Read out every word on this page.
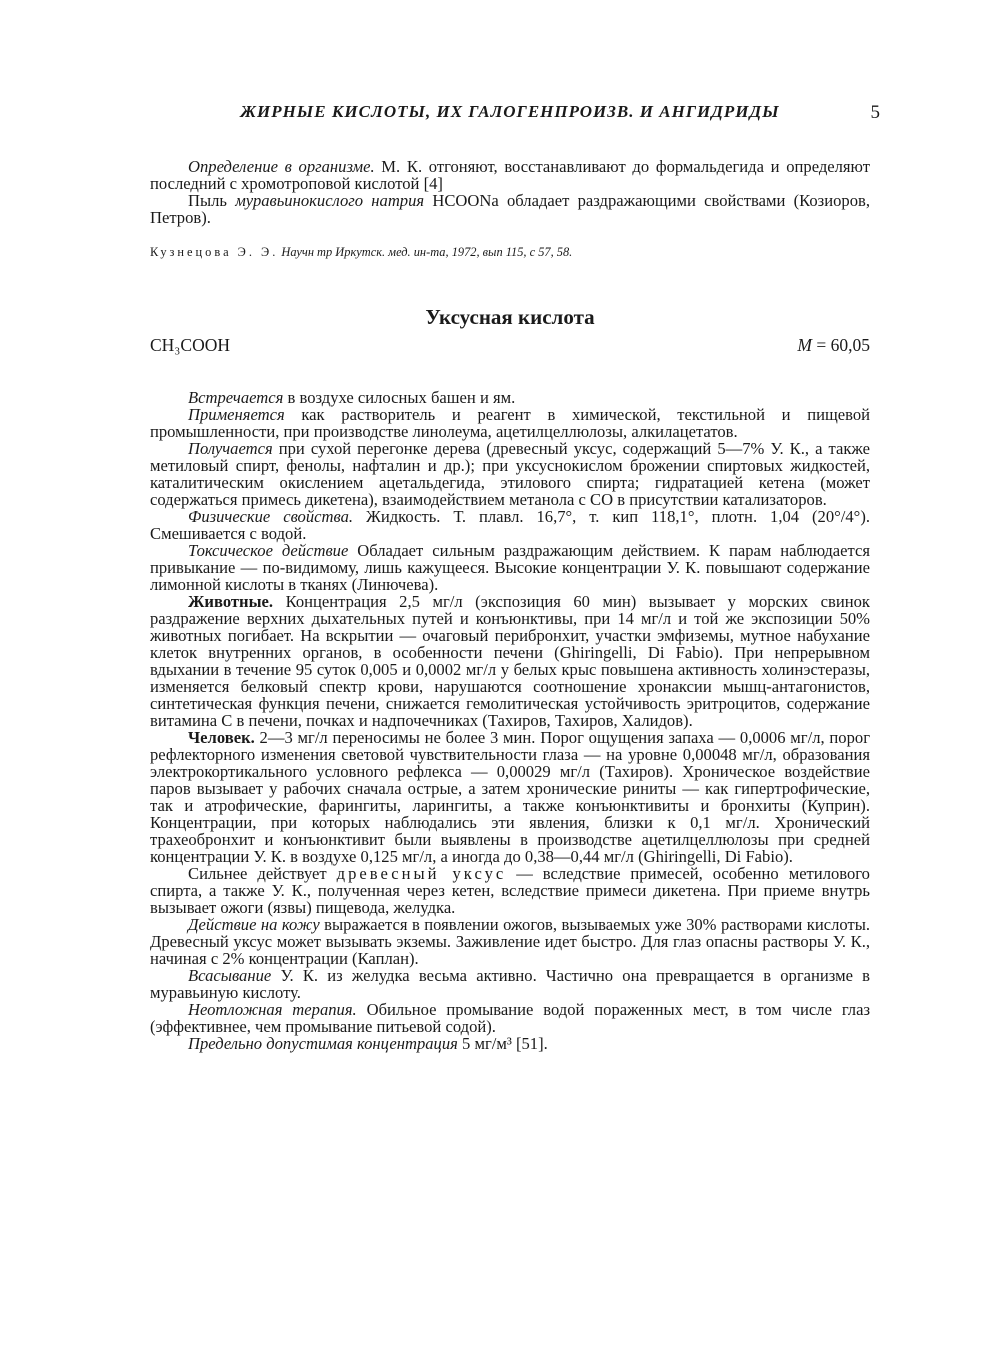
ЖИРНЫЕ КИСЛОТЫ, ИХ ГАЛОГЕНПРОИЗВ. И АНГИДРИДЫ	5

Определение в организме. М. К. отгоняют, восстанавливают до формальдегида и определяют последний с хромотроповой кислотой [4]

Пыль муравьинокислого натрия HCOONa обладает раздражающими свойствами (Козиоров, Петров).

Кузнецова Э. Э. Научн тр Иркутск. мед. ин-та, 1972, вып 115, с 57, 58.

Уксусная кислота
CH₃COOH	M = 60,05

Встречается в воздухе силосных башен и ям.

Применяется как растворитель и реагент в химической, текстильной и пищевой промышленности, при производстве линолеума, ацетилцеллюлозы, алкилацетатов.

Получается при сухой перегонке дерева (древесный уксус, содержащий 5—7% У. К., а также метиловый спирт, фенолы, нафталин и др.); при уксуснокислом брожении спиртовых жидкостей, каталитическим окислением ацетальдегида, этилового спирта; гидратацией кетена (может содержаться примесь дикетена), взаимодействием метанола с СО в присутствии катализаторов.

Физические свойства. Жидкость. Т. плавл. 16,7°, т. кип 118,1°, плотн. 1,04 (20°/4°). Смешивается с водой.

Токсическое действие Обладает сильным раздражающим действием. К парам наблюдается привыкание — по-видимому, лишь кажущееся. Высокие концентрации У. К. повышают содержание лимонной кислоты в тканях (Линючева).

Животные. Концентрация 2,5 мг/л (экспозиция 60 мин) вызывает у морских свинок раздражение верхних дыхательных путей и конъюнктивы, при 14 мг/л и той же экспозиции 50% животных погибает. На вскрытии — очаговый перибронхит, участки эмфиземы, мутное набухание клеток внутренних органов, в особенности печени (Ghiringelli, Di Fabio). При непрерывном вдыхании в течение 95 суток 0,005 и 0,0002 мг/л у белых крыс повышена активность холинэстеразы, изменяется белковый спектр крови, нарушаются соотношение хронаксии мышц-антагонистов, синтетическая функция печени, снижается гемолитическая устойчивость эритроцитов, содержание витамина С в печени, почках и надпочечниках (Тахиров, Тахиров, Халидов).

Человек. 2—3 мг/л переносимы не более 3 мин. Порог ощущения запаха — 0,0006 мг/л, порог рефлекторного изменения световой чувствительности глаза — на уровне 0,00048 мг/л, образования электрокортикального условного рефлекса — 0,00029 мг/л (Тахиров). Хроническое воздействие паров вызывает у рабочих сначала острые, а затем хронические риниты — как гипертрофические, так и атрофические, фарингиты, ларингиты, а также конъюнктивиты и бронхиты (Куприн). Концентрации, при которых наблюдались эти явления, близки к 0,1 мг/л. Хронический трахеобронхит и конъюнктивит были выявлены в производстве ацетилцеллюлозы при средней концентрации У. К. в воздухе 0,125 мг/л, а иногда до 0,38—0,44 мг/л (Ghiringelli, Di Fabio).

Сильнее действует древесный уксус — вследствие примесей, особенно метилового спирта, а также У. К., полученная через кетен, вследствие примеси дикетена. При приеме внутрь вызывает ожоги (язвы) пищевода, желудка.

Действие на кожу выражается в появлении ожогов, вызываемых уже 30% растворами кислоты. Древесный уксус может вызывать экземы. Заживление идет быстро. Для глаз опасны растворы У. К., начиная с 2% концентрации (Каплан).

Всасывание У. К. из желудка весьма активно. Частично она превращается в организме в муравьиную кислоту.

Неотложная терапия. Обильное промывание водой пораженных мест, в том числе глаз (эффективнее, чем промывание питьевой содой).

Предельно допустимая концентрация 5 мг/м³ [51].
